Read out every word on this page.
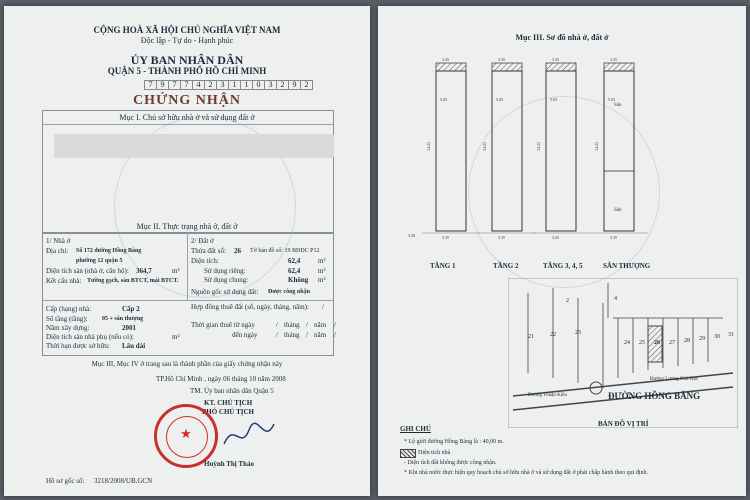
CỘNG HOÀ XÃ HỘI CHỦ NGHĨA VIỆT NAM
Độc lập - Tự do - Hạnh phúc
ỦY BAN NHÂN DÂN
QUẬN 5 - THÀNH PHỐ HỒ CHÍ MINH
7 9 7 7 4 2 3 1 1 0 3 2 9 2
CHỨNG NHẬN
Mục I. Chủ sở hữu nhà ở và sử dụng đất ở
Mục II. Thực trạng nhà ở, đất ở
1/ Nhà ở
Địa chỉ: Số 172 đường Hồng Bàng
phường 12 quận 5
Diện tích sàn (nhà ở, căn hộ): 364,7	m²
Kết cấu nhà: Tường gạch, sàn BTCT, mái BTCT.
Cấp (hạng) nhà:	Cấp 2
Số tầng (tầng): 05 + sân thượng
Năm xây dựng:	2001
Diện tích sàn nhà phụ (nếu có):	m²
Thời hạn được sở hữu: Lâu dài
2/ Đất ở
Thửa đất số: 26 Tờ bản đồ số: 19 BĐĐC P12
Diện tích:	62,4	m²
Sử dụng riêng:	62,4	m²
Sử dụng chung:	Không m²
Nguồn gốc sử dụng đất: Được công nhận
Hợp đồng thuê đất (số, ngày, tháng, năm): /
Thời gian thuê từ ngày	/ tháng / năm /
đến ngày	/ tháng / năm /
Mục III, Mục IV ở trang sau là thành phần của giấy chứng nhận này
TP.Hồ Chí Minh , ngày 06 tháng 10 năm 2008
TM. Ủy ban nhân dân Quận 5
KT. CHỦ TỊCH
PHÓ CHỦ TỊCH
★
Huỳnh Thị Thảo
Hồ sơ gốc số: 3218/2008/UB.GCN
Mục III. Sơ đồ nhà ở, đất ở
14.21
5.03
3.35
3.35
14.21
5.03
3.35
3.35
14.21
5.03
3.35
3.35
Sân
Sân
14.21
5.03
3.35
3.35
3.20
TẦNG 1	TẦNG 2	TẦNG 3, 4, 5	SÂN THƯỢNG
21	22	23
24 25 26 27 28 29 30 31
2	4
Đường Lương Nhữ Học
Đường Thuận Kiều	ĐƯỜNG HỒNG BÀNG
BẢN ĐỒ VỊ TRÍ
GHI CHÚ
* Lộ giới đường Hồng Bàng là : 40,00 m.
Diện tích nhà
- Diện tích đất không được công nhận.
* Khi nhà nước thực hiện quy hoạch chủ sở hữu nhà ở và sử dụng đất ở phải chấp hành theo qui định.
